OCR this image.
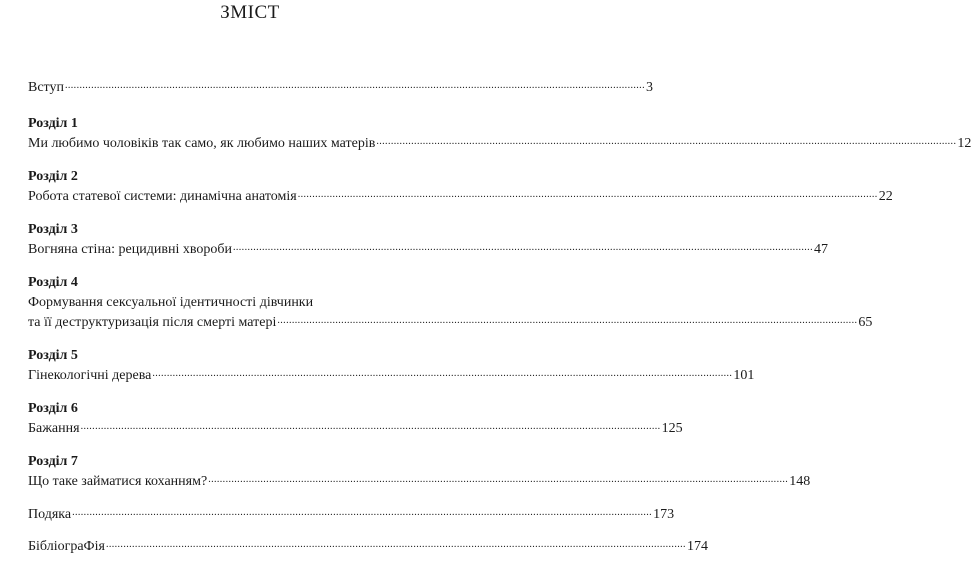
ЗМІСТ
Вступ ........................................................................................................................................................................................................ 3
Розділ 1
Ми любимо чоловіків так само, як любимо наших матерів ........................................................................................................................................................................................................ 12
Розділ 2
Робота статевої системи: динамічна анатомія ........................................................................................................................................................................................................ 22
Розділ 3
Вогняна стіна: рецидивні хвороби ........................................................................................................................................................................................................ 47
Розділ 4
Формування сексуальної ідентичності дівчинки
та її деструктуризація після смерті матері ........................................................................................................................................................................................................ 65
Розділ 5
Гінекологічні дерева ........................................................................................................................................................................................................ 101
Розділ 6
Бажання ........................................................................................................................................................................................................ 125
Розділ 7
Що таке займатися коханням? ........................................................................................................................................................................................................ 148
Подяка ........................................................................................................................................................................................................ 173
БібліограФія ........................................................................................................................................................................................................ 174
